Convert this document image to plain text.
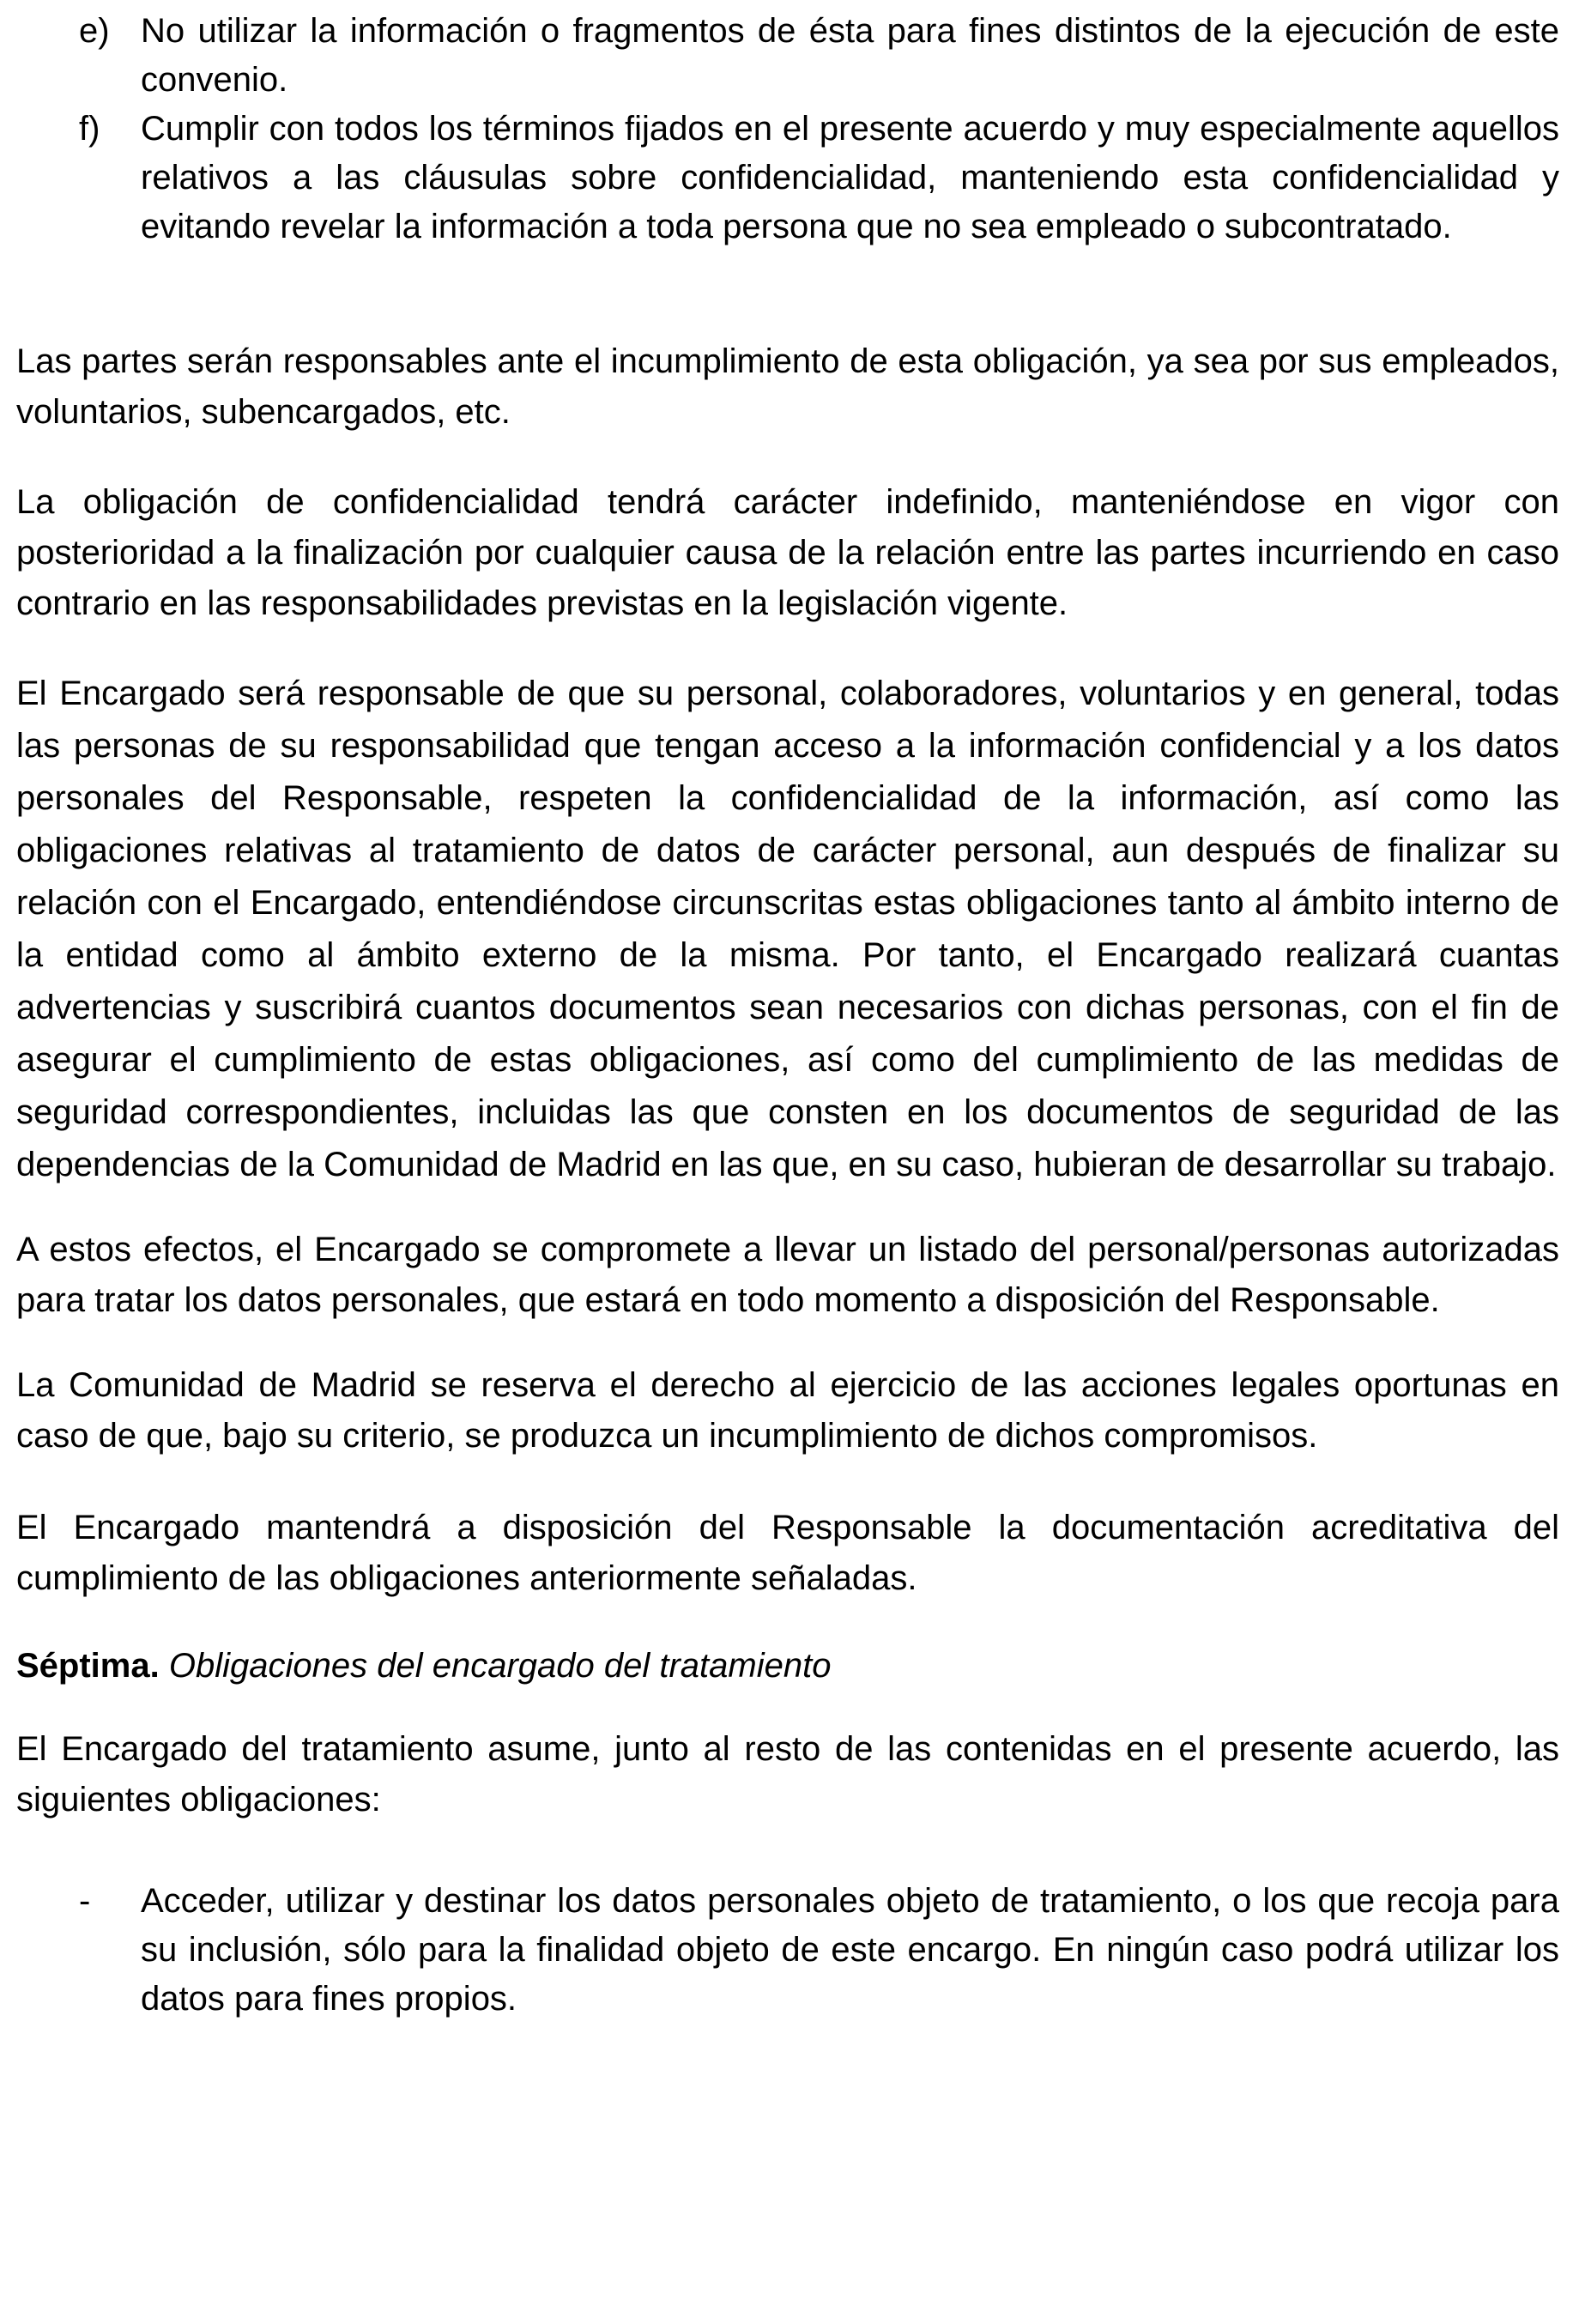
e) No utilizar la información o fragmentos de ésta para fines distintos de la ejecución de este convenio.
f) Cumplir con todos los términos fijados en el presente acuerdo y muy especialmente aquellos relativos a las cláusulas sobre confidencialidad, manteniendo esta confidencialidad y evitando revelar la información a toda persona que no sea empleado o subcontratado.

Las partes serán responsables ante el incumplimiento de esta obligación, ya sea por sus empleados, voluntarios, subencargados, etc.

La obligación de confidencialidad tendrá carácter indefinido, manteniéndose en vigor con posterioridad a la finalización por cualquier causa de la relación entre las partes incurriendo en caso contrario en las responsabilidades previstas en la legislación vigente.

El Encargado será responsable de que su personal, colaboradores, voluntarios y en general, todas las personas de su responsabilidad que tengan acceso a la información confidencial y a los datos personales del Responsable, respeten la confidencialidad de la información, así como las obligaciones relativas al tratamiento de datos de carácter personal, aun después de finalizar su relación con el Encargado, entendiéndose circunscritas estas obligaciones tanto al ámbito interno de la entidad como al ámbito externo de la misma. Por tanto, el Encargado realizará cuantas advertencias y suscribirá cuantos documentos sean necesarios con dichas personas, con el fin de asegurar el cumplimiento de estas obligaciones, así como del cumplimiento de las medidas de seguridad correspondientes, incluidas las que consten en los documentos de seguridad de las dependencias de la Comunidad de Madrid en las que, en su caso, hubieran de desarrollar su trabajo.

A estos efectos, el Encargado se compromete a llevar un listado del personal/personas autorizadas para tratar los datos personales, que estará en todo momento a disposición del Responsable.

La Comunidad de Madrid se reserva el derecho al ejercicio de las acciones legales oportunas en caso de que, bajo su criterio, se produzca un incumplimiento de dichos compromisos.

El Encargado mantendrá a disposición del Responsable la documentación acreditativa del cumplimiento de las obligaciones anteriormente señaladas.

Séptima. Obligaciones del encargado del tratamiento

El Encargado del tratamiento asume, junto al resto de las contenidas en el presente acuerdo, las siguientes obligaciones:

- Acceder, utilizar y destinar los datos personales objeto de tratamiento, o los que recoja para su inclusión, sólo para la finalidad objeto de este encargo. En ningún caso podrá utilizar los datos para fines propios.
